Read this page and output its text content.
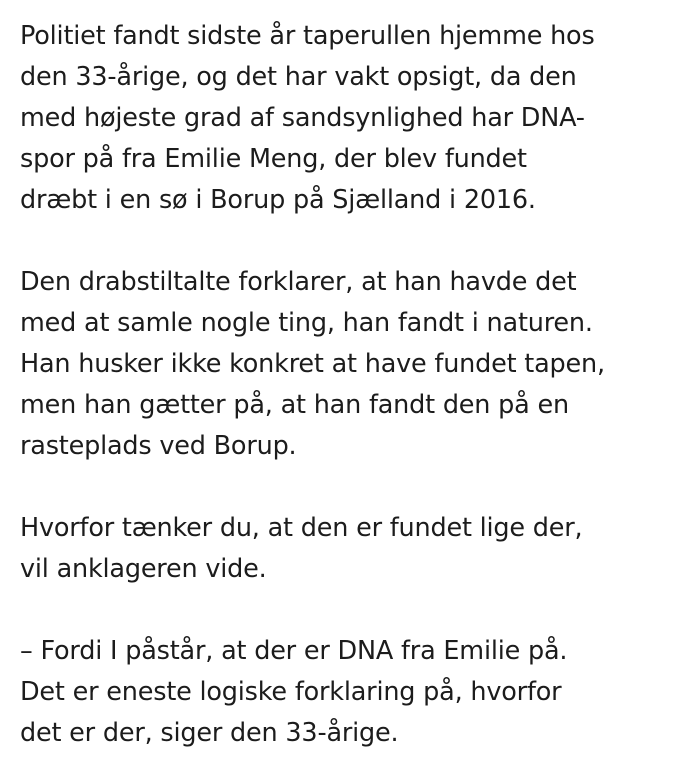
Politiet fandt sidste år taperullen hjemme hos
den 33-årige, og det har vakt opsigt, da den
med højeste grad af sandsynlighed har DNA-
spor på fra Emilie Meng, der blev fundet
dræbt i en sø i Borup på Sjælland i 2016.

Den drabstiltalte forklarer, at han havde det
med at samle nogle ting, han fandt i naturen.
Han husker ikke konkret at have fundet tapen,
men han gætter på, at han fandt den på en
rasteplads ved Borup.

Hvorfor tænker du, at den er fundet lige der,
vil anklageren vide.

– Fordi I påstår, at der er DNA fra Emilie på.
Det er eneste logiske forklaring på, hvorfor
det er der, siger den 33-årige.
